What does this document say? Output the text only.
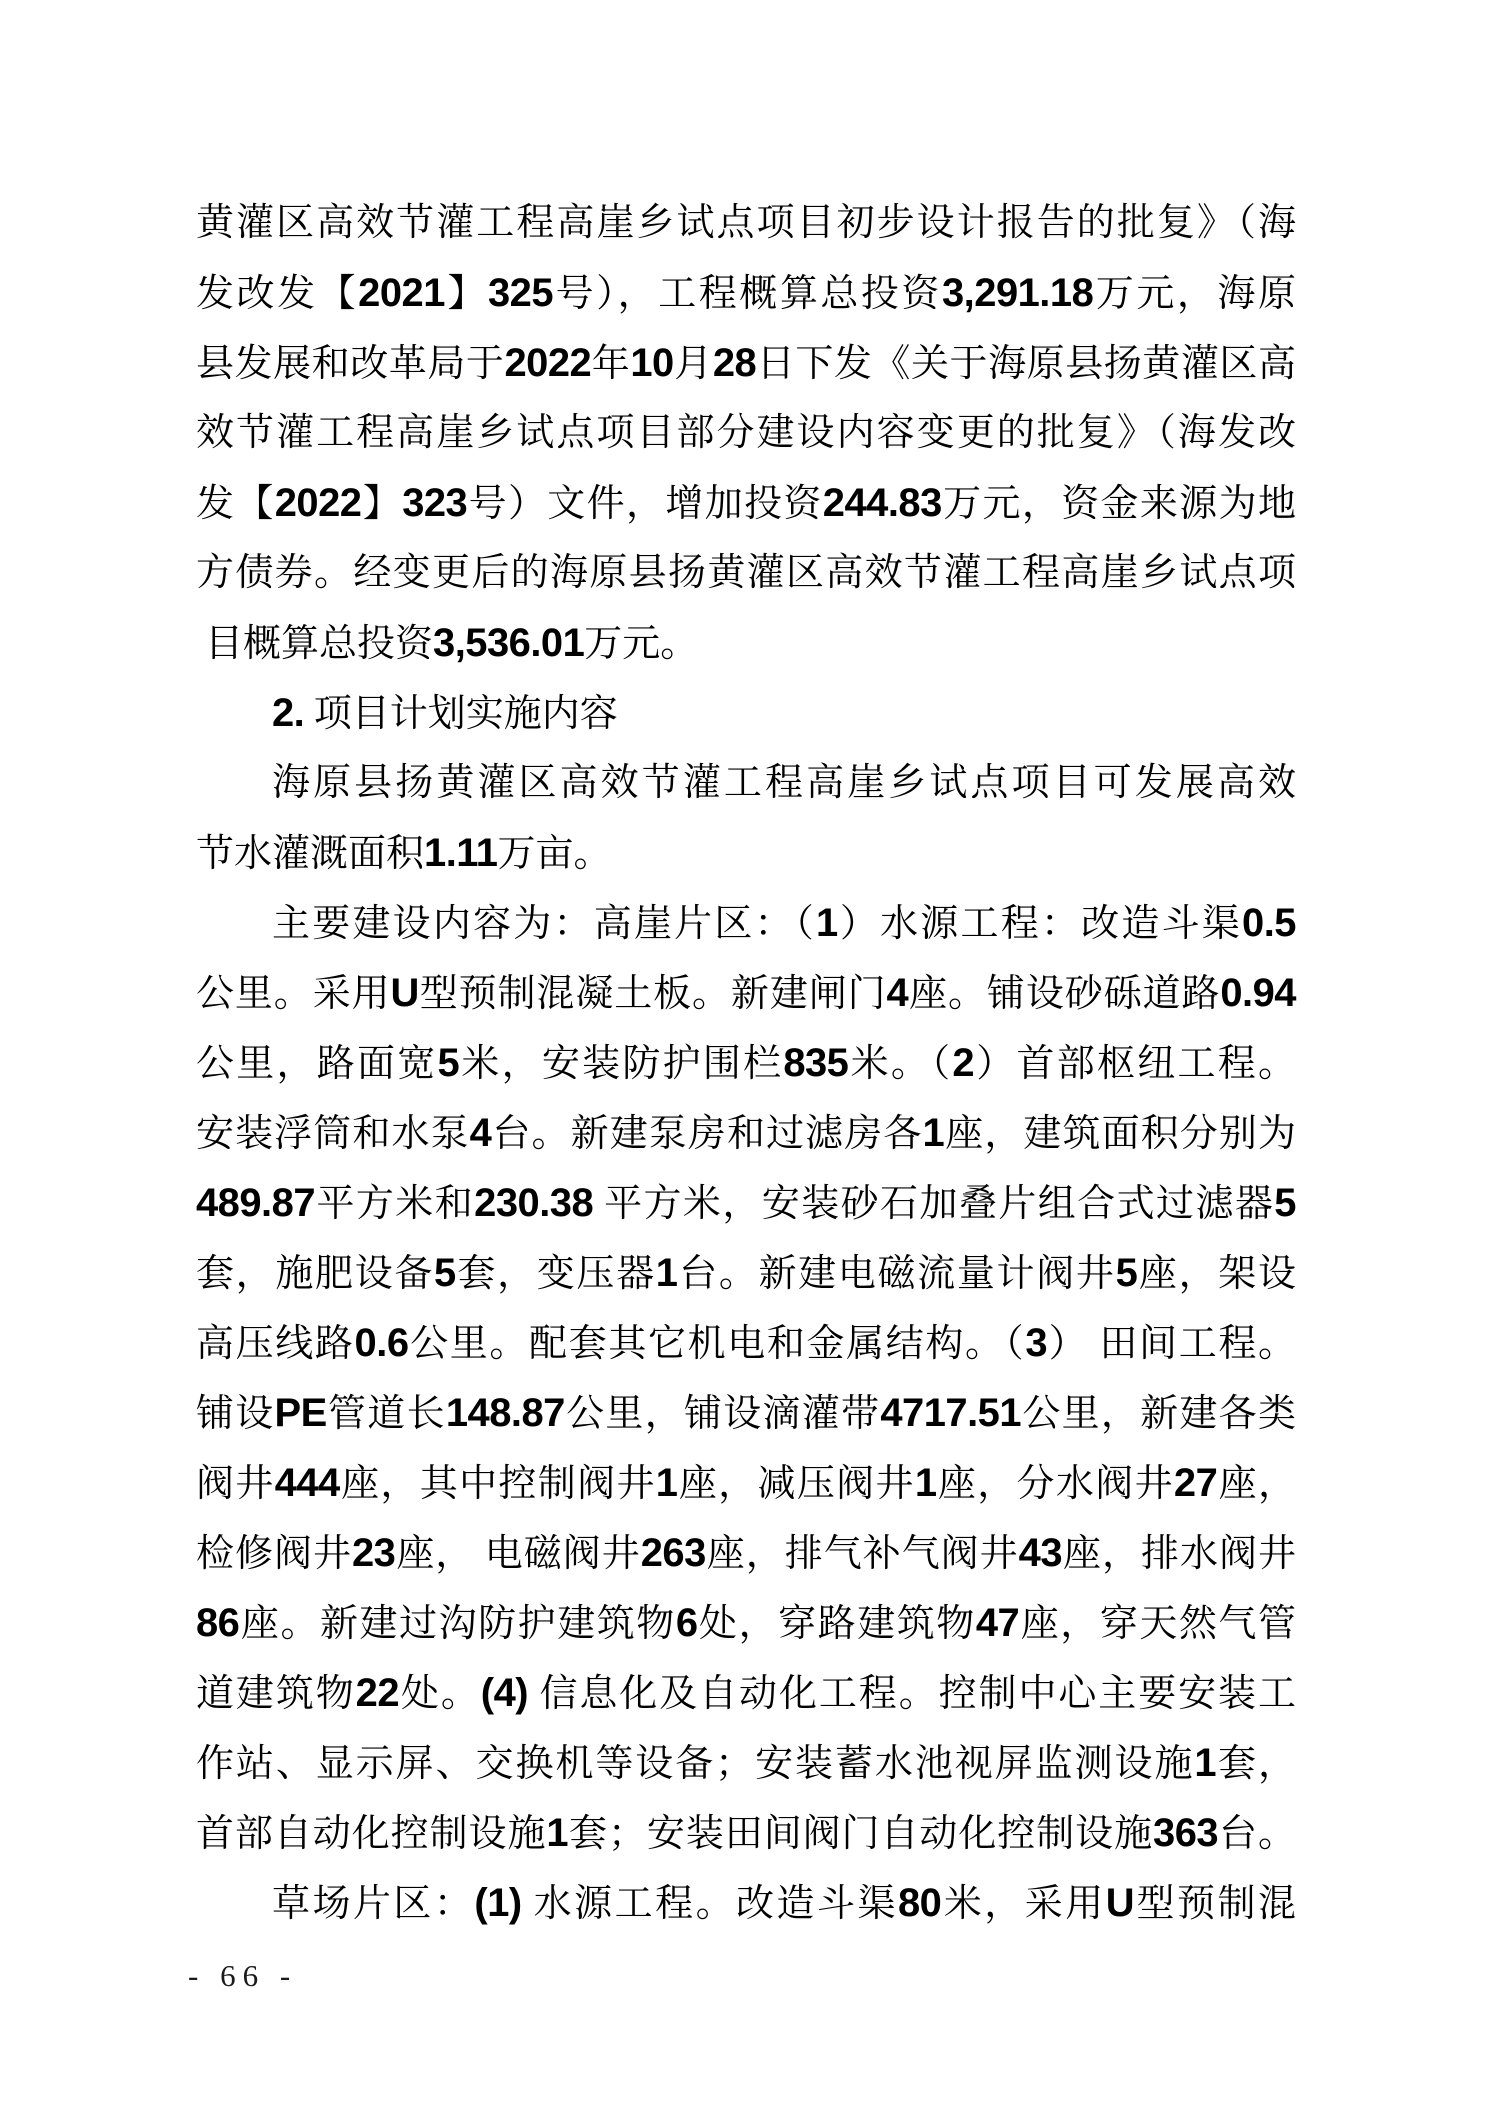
黄灌区高效节灌工程高崖乡试点项目初步设计报告的批复》（海
发改发【2021】325号），工程概算总投资3,291.18万元，海原
县发展和改革局于2022年10月28日下发《关于海原县扬黄灌区高
效节灌工程高崖乡试点项目部分建设内容变更的批复》（海发改
发【2022】323号）文件，增加投资244.83万元，资金来源为地
方债券。经变更后的海原县扬黄灌区高效节灌工程高崖乡试点项
目概算总投资3,536.01万元。
2. 项目计划实施内容
海原县扬黄灌区高效节灌工程高崖乡试点项目可发展高效
节水灌溉面积1.11万亩。
主要建设内容为：高崖片区：（1）水源工程：改造斗渠0.5
公里。采用U型预制混凝土板。新建闸门4座。铺设砂砾道路0.94
公里，路面宽5米，安装防护围栏835米。（2）首部枢纽工程。
安装浮筒和水泵4台。新建泵房和过滤房各1座，建筑面积分别为
489.87平方米和230.38 平方米，安装砂石加叠片组合式过滤器5
套，施肥设备5套，变压器1台。新建电磁流量计阀井5座，架设
高压线路0.6公里。配套其它机电和金属结构。（3） 田间工程。
铺设PE管道长148.87公里，铺设滴灌带4717.51公里，新建各类
阀井444座，其中控制阀井1座，减压阀井1座，分水阀井27座，
检修阀井23座， 电磁阀井263座，排气补气阀井43座，排水阀井
86座。新建过沟防护建筑物6处，穿路建筑物47座，穿天然气管
道建筑物22处。(4) 信息化及自动化工程。控制中心主要安装工
作站、显示屏、交换机等设备；安装蓄水池视屏监测设施1套，
首部自动化控制设施1套；安装田间阀门自动化控制设施363台。
草场片区：(1) 水源工程。改造斗渠80米，采用U型预制混
- 66 -
